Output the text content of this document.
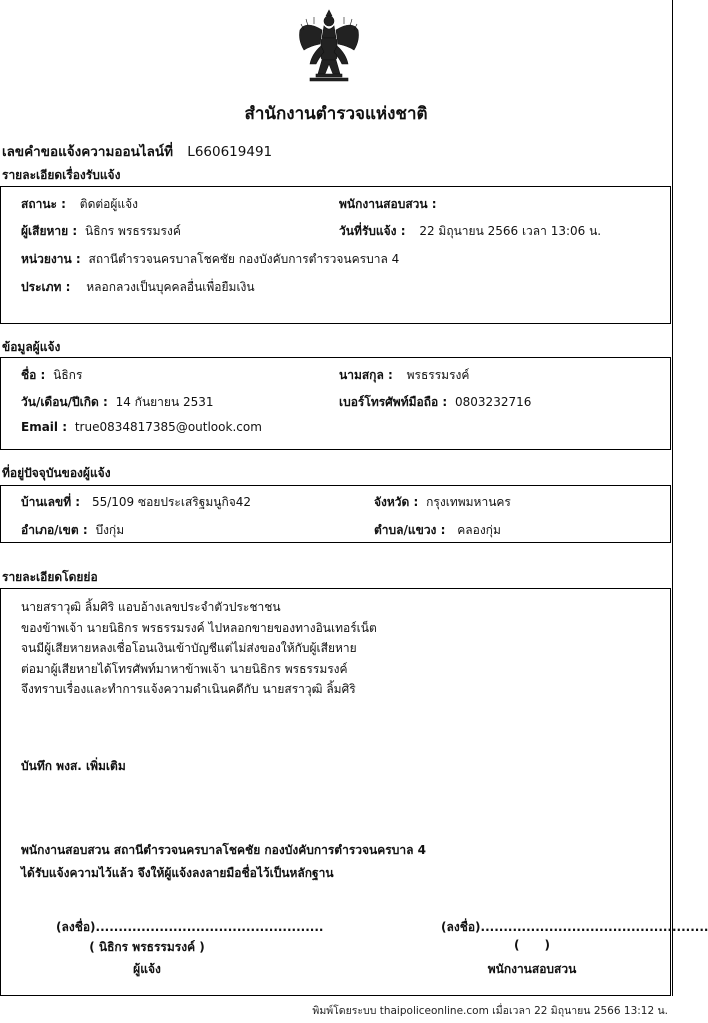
สำนักงานตำรวจแห่งชาติ
เลขคำขอแจ้งความออนไลน์ที่ L660619491
รายละเอียดเรื่องรับแจ้ง
สถานะ : ติดต่อผู้แจ้ง	พนักงานสอบสวน :
ผู้เสียหาย : นิธิกร พรธรรมรงค์	วันที่รับแจ้ง : 22 มิถุนายน 2566 เวลา 13:06 น.
หน่วยงาน : สถานีตำรวจนครบาลโชคชัย กองบังคับการตำรวจนครบาล 4
ประเภท : หลอกลวงเป็นบุคคลอื่นเพื่อยืมเงิน
ข้อมูลผู้แจ้ง
ชื่อ : นิธิกร	นามสกุล : พรธรรมรงค์
วัน/เดือน/ปีเกิด : 14 กันยายน 2531	เบอร์โทรศัพท์มือถือ : 0803232716
Email : true0834817385@outlook.com
ที่อยู่ปัจจุบันของผู้แจ้ง
บ้านเลขที่ : 55/109 ซอยประเสริฐมนูกิจ42	จังหวัด : กรุงเทพมหานคร
อำเภอ/เขต : บึงกุ่ม	ตำบล/แขวง : คลองกุ่ม
รายละเอียดโดยย่อ
นายสราวุฒิ ลิ้มศิริ แอบอ้างเลขประจำตัวประชาชน
ของข้าพเจ้า นายนิธิกร พรธรรมรงค์ ไปหลอกขายของทางอินเทอร์เน็ต
จนมีผู้เสียหายหลงเชื่อโอนเงินเข้าบัญชีแต่ไม่ส่งของให้กับผู้เสียหาย
ต่อมาผู้เสียหายได้โทรศัพท์มาหาข้าพเจ้า นายนิธิกร พรธรรมรงค์
จึงทราบเรื่องและทำการแจ้งความดำเนินคดีกับ นายสราวุฒิ ลิ้มศิริ
บันทึก พงส. เพิ่มเติม
พนักงานสอบสวน สถานีตำรวจนครบาลโชคชัย กองบังคับการตำรวจนครบาล 4
ได้รับแจ้งความไว้แล้ว จึงให้ผู้แจ้งลงลายมือชื่อไว้เป็นหลักฐาน
(ลงชื่อ)..................................................
( นิธิกร พรธรรมรงค์ )
ผู้แจ้ง
(ลงชื่อ)..................................................
(      )
พนักงานสอบสวน
พิมพ์โดยระบบ thaipoliceonline.com เมื่อเวลา 22 มิถุนายน 2566 13:12 น.
